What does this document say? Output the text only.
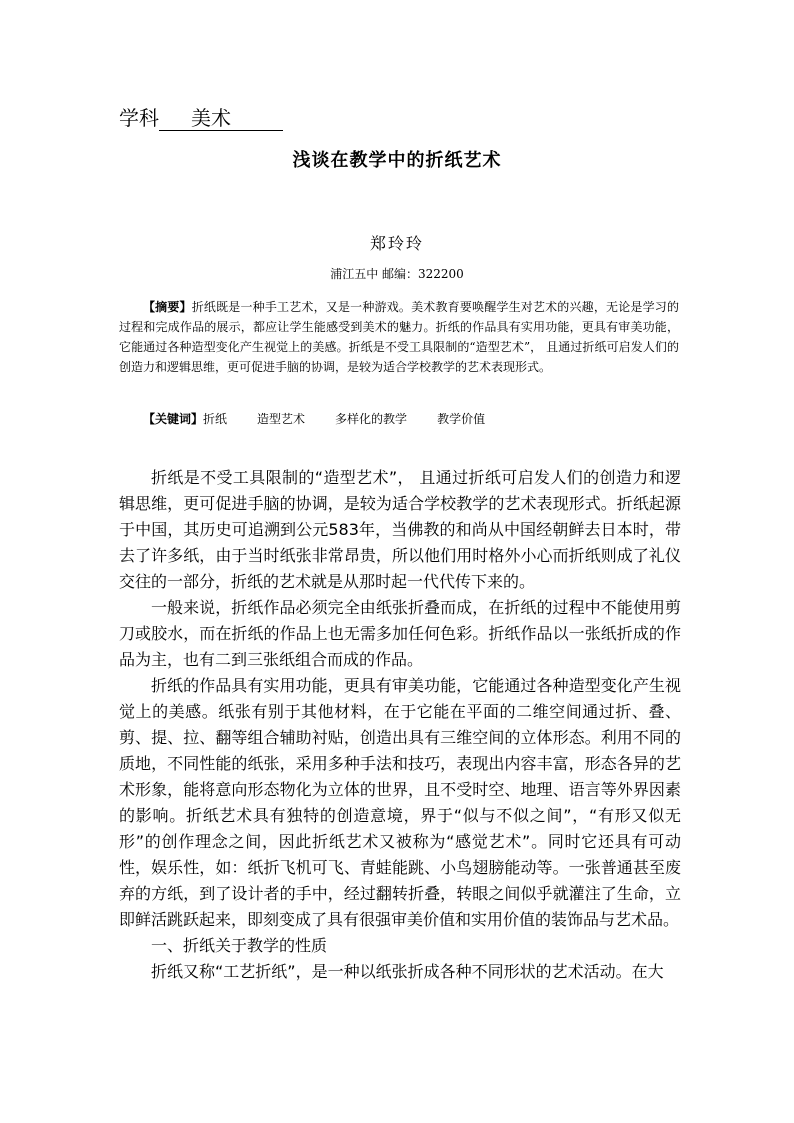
学科 美术
浅谈在教学中的折纸艺术
郑玲玲
浦江五中 邮编：322200
【摘要】折纸既是一种手工艺术，又是一种游戏。美术教育要唤醒学生对艺术的兴趣，无论是学习的过程和完成作品的展示，都应让学生能感受到美术的魅力。折纸的作品具有实用功能，更具有审美功能，它能通过各种造型变化产生视觉上的美感。折纸是不受工具限制的“造型艺术”， 且通过折纸可启发人们的创造力和逻辑思维，更可促进手脑的协调，是较为适合学校教学的艺术表现形式。
【关键词】折纸	造型艺术	多样化的教学	教学价值

折纸是不受工具限制的“造型艺术”， 且通过折纸可启发人们的创造力和逻辑思维，更可促进手脑的协调，是较为适合学校教学的艺术表现形式。折纸起源于中国，其历史可追溯到公元583年，当佛教的和尚从中国经朝鲜去日本时，带去了许多纸，由于当时纸张非常昂贵，所以他们用时格外小心而折纸则成了礼仪交往的一部分，折纸的艺术就是从那时起一代代传下来的。

一般来说，折纸作品必须完全由纸张折叠而成，在折纸的过程中不能使用剪刀或胶水，而在折纸的作品上也无需多加任何色彩。折纸作品以一张纸折成的作品为主，也有二到三张纸组合而成的作品。

折纸的作品具有实用功能，更具有审美功能，它能通过各种造型变化产生视觉上的美感。纸张有别于其他材料，在于它能在平面的二维空间通过折、叠、剪、提、拉、翻等组合辅助衬贴，创造出具有三维空间的立体形态。利用不同的质地，不同性能的纸张，采用多种手法和技巧，表现出内容丰富，形态各异的艺术形象，能将意向形态物化为立体的世界，且不受时空、地理、语言等外界因素的影响。折纸艺术具有独特的创造意境，界于“似与不似之间”，“有形又似无形”的创作理念之间，因此折纸艺术又被称为“感觉艺术”。同时它还具有可动性，娱乐性，如：纸折飞机可飞、青蛙能跳、小鸟翅膀能动等。一张普通甚至废弃的方纸，到了设计者的手中，经过翻转折叠，转眼之间似乎就灌注了生命，立即鲜活跳跃起来，即刻变成了具有很强审美价值和实用价值的装饰品与艺术品。

一、折纸关于教学的性质

折纸又称“工艺折纸”，是一种以纸张折成各种不同形状的艺术活动。在大
